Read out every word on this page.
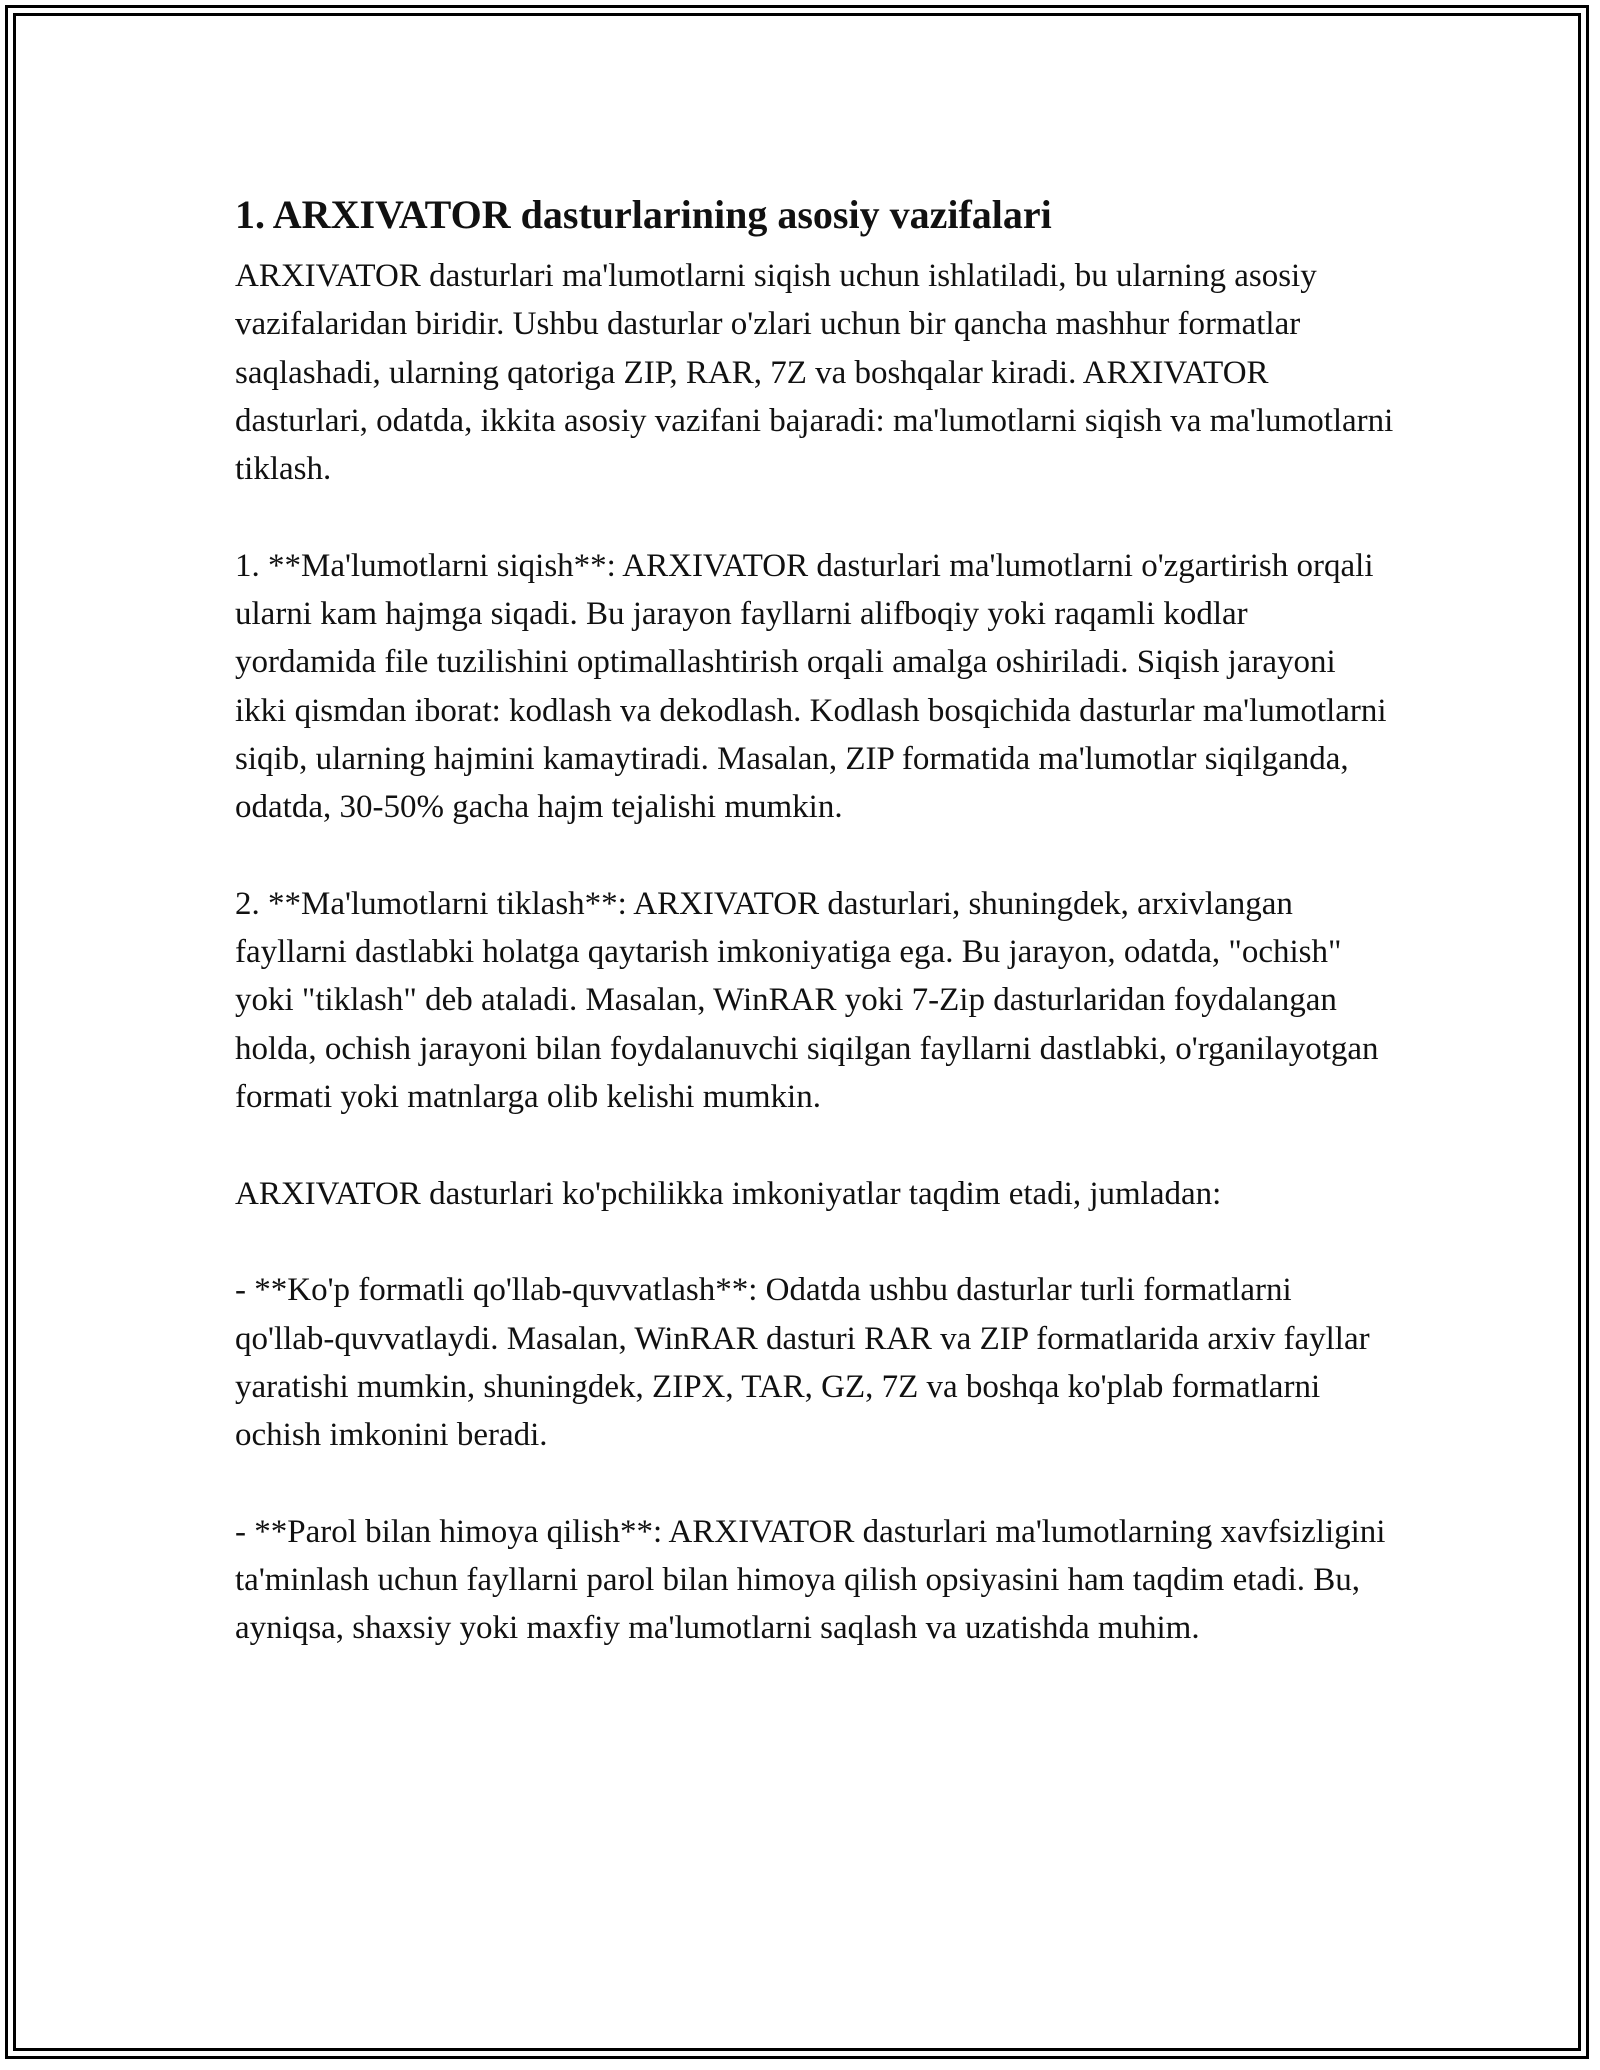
1. ARXIVATOR dasturlarining asosiy vazifalari

ARXIVATOR dasturlari ma'lumotlarni siqish uchun ishlatiladi, bu ularning asosiy vazifalaridan biridir. Ushbu dasturlar o'zlari uchun bir qancha mashhur formatlar saqlashadi, ularning qatoriga ZIP, RAR, 7Z va boshqalar kiradi. ARXIVATOR dasturlari, odatda, ikkita asosiy vazifani bajaradi: ma'lumotlarni siqish va ma'lumotlarni tiklash.

1. **Ma'lumotlarni siqish**: ARXIVATOR dasturlari ma'lumotlarni o'zgartirish orqali ularni kam hajmga siqadi. Bu jarayon fayllarni alifboqiy yoki raqamli kodlar yordamida file tuzilishini optimallashtirish orqali amalga oshiriladi. Siqish jarayoni ikki qismdan iborat: kodlash va dekodlash. Kodlash bosqichida dasturlar ma'lumotlarni siqib, ularning hajmini kamaytiradi. Masalan, ZIP formatida ma'lumotlar siqilganda, odatda, 30-50% gacha hajm tejalishi mumkin.

2. **Ma'lumotlarni tiklash**: ARXIVATOR dasturlari, shuningdek, arxivlangan fayllarni dastlabki holatga qaytarish imkoniyatiga ega. Bu jarayon, odatda, "ochish" yoki "tiklash" deb ataladi. Masalan, WinRAR yoki 7-Zip dasturlaridan foydalangan holda, ochish jarayoni bilan foydalanuvchi siqilgan fayllarni dastlabki, o'rganilayotgan formati yoki matnlarga olib kelishi mumkin.

ARXIVATOR dasturlari ko'pchilikka imkoniyatlar taqdim etadi, jumladan:

- **Ko'p formatli qo'llab-quvvatlash**: Odatda ushbu dasturlar turli formatlarni qo'llab-quvvatlaydi. Masalan, WinRAR dasturi RAR va ZIP formatlarida arxiv fayllar yaratishi mumkin, shuningdek, ZIPX, TAR, GZ, 7Z va boshqa ko'plab formatlarni ochish imkonini beradi.

- **Parol bilan himoya qilish**: ARXIVATOR dasturlari ma'lumotlarning xavfsizligini ta'minlash uchun fayllarni parol bilan himoya qilish opsiyasini ham taqdim etadi. Bu, ayniqsa, shaxsiy yoki maxfiy ma'lumotlarni saqlash va uzatishda muhim.
